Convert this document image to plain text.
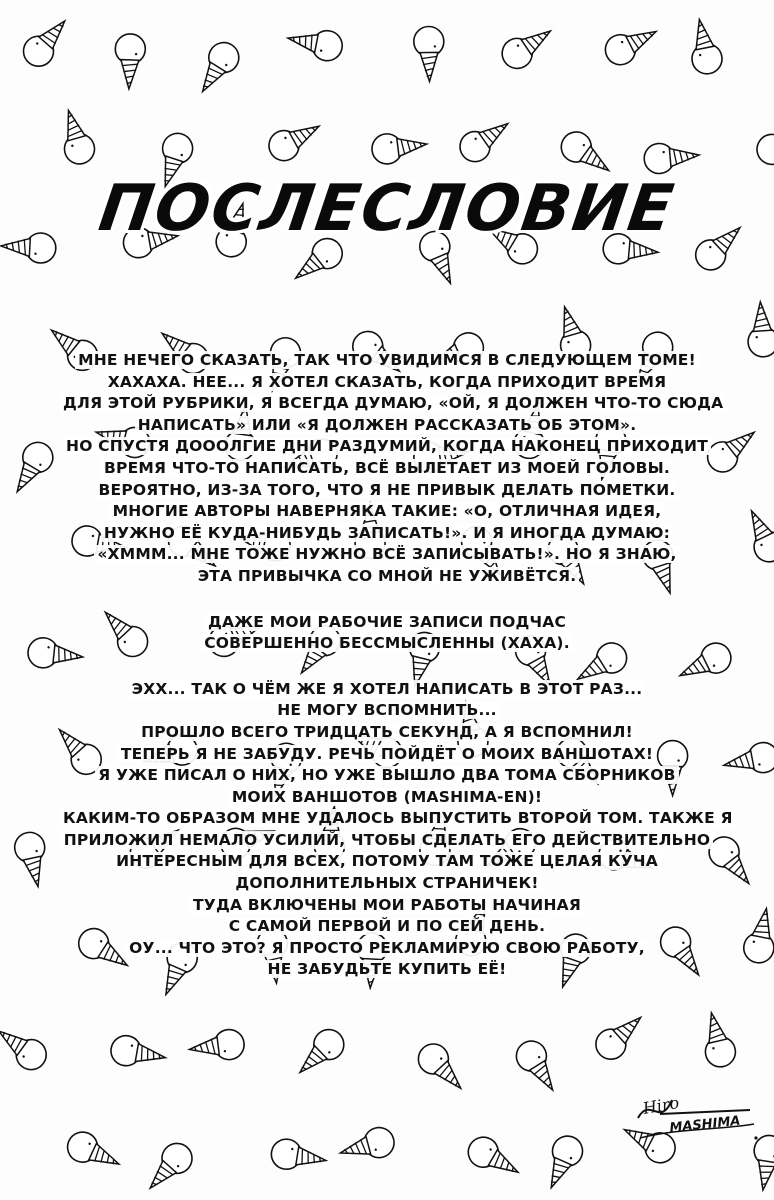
ПОСЛЕСЛОВИЕ
МНЕ НЕЧЕГО СКАЗАТЬ, ТАК ЧТО УВИДИМСЯ В СЛЕДУЮЩЕМ ТОМЕ!
ХАХАХА. НЕЕ... Я ХОТЕЛ СКАЗАТЬ, КОГДА ПРИХОДИТ ВРЕМЯ
ДЛЯ ЭТОЙ РУБРИКИ, Я ВСЕГДА ДУМАЮ, «ОЙ, Я ДОЛЖЕН ЧТО-ТО СЮДА
НАПИСАТЬ» ИЛИ «Я ДОЛЖЕН РАССКАЗАТЬ ОБ ЭТОМ».
НО СПУСТЯ ДОООЛГИЕ ДНИ РАЗДУМИЙ, КОГДА НАКОНЕЦ ПРИХОДИТ
ВРЕМЯ ЧТО-ТО НАПИСАТЬ, ВСЁ ВЫЛЕТАЕТ ИЗ МОЕЙ ГОЛОВЫ.
ВЕРОЯТНО, ИЗ-ЗА ТОГО, ЧТО Я НЕ ПРИВЫК ДЕЛАТЬ ПОМЕТКИ.
МНОГИЕ АВТОРЫ НАВЕРНЯКА ТАКИЕ: «О, ОТЛИЧНАЯ ИДЕЯ,
НУЖНО ЕЁ КУДА-НИБУДЬ ЗАПИСАТЬ!». И Я ИНОГДА ДУМАЮ:
«ХМММ... МНЕ ТОЖЕ НУЖНО ВСЁ ЗАПИСЫВАТЬ!». НО Я ЗНАЮ,
ЭТА ПРИВЫЧКА СО МНОЙ НЕ УЖИВЁТСЯ.
ДАЖЕ МОИ РАБОЧИЕ ЗАПИСИ ПОДЧАС
СОВЕРШЕННО БЕССМЫСЛЕННЫ (ХАХА).
ЭХХ... ТАК О ЧЁМ ЖЕ Я ХОТЕЛ НАПИСАТЬ В ЭТОТ РАЗ...
НЕ МОГУ ВСПОМНИТЬ...
ПРОШЛО ВСЕГО ТРИДЦАТЬ СЕКУНД, А Я ВСПОМНИЛ!
ТЕПЕРЬ Я НЕ ЗАБУДУ. РЕЧЬ ПОЙДЁТ О МОИХ ВАНШОТАХ!
Я УЖЕ ПИСАЛ О НИХ, НО УЖЕ ВЫШЛО ДВА ТОМА СБОРНИКОВ
МОИХ ВАНШОТОВ (MASHIMA-EN)!
КАКИМ-ТО ОБРАЗОМ МНЕ УДАЛОСЬ ВЫПУСТИТЬ ВТОРОЙ ТОМ. ТАКЖЕ Я
ПРИЛОЖИЛ НЕМАЛО УСИЛИЙ, ЧТОБЫ СДЕЛАТЬ ЕГО ДЕЙСТВИТЕЛЬНО
ИНТЕРЕСНЫМ ДЛЯ ВСЕХ, ПОТОМУ ТАМ ТОЖЕ ЦЕЛАЯ КУЧА
ДОПОЛНИТЕЛЬНЫХ СТРАНИЧЕК!
ТУДА ВКЛЮЧЕНЫ МОИ РАБОТЫ НАЧИНАЯ
С САМОЙ ПЕРВОЙ И ПО СЕЙ ДЕНЬ.
ОУ... ЧТО ЭТО? Я ПРОСТО РЕКЛАМИРУЮ СВОЮ РАБОТУ,
НЕ ЗАБУДЬТЕ КУПИТЬ ЕЁ!
Hiro
MASHIMA
